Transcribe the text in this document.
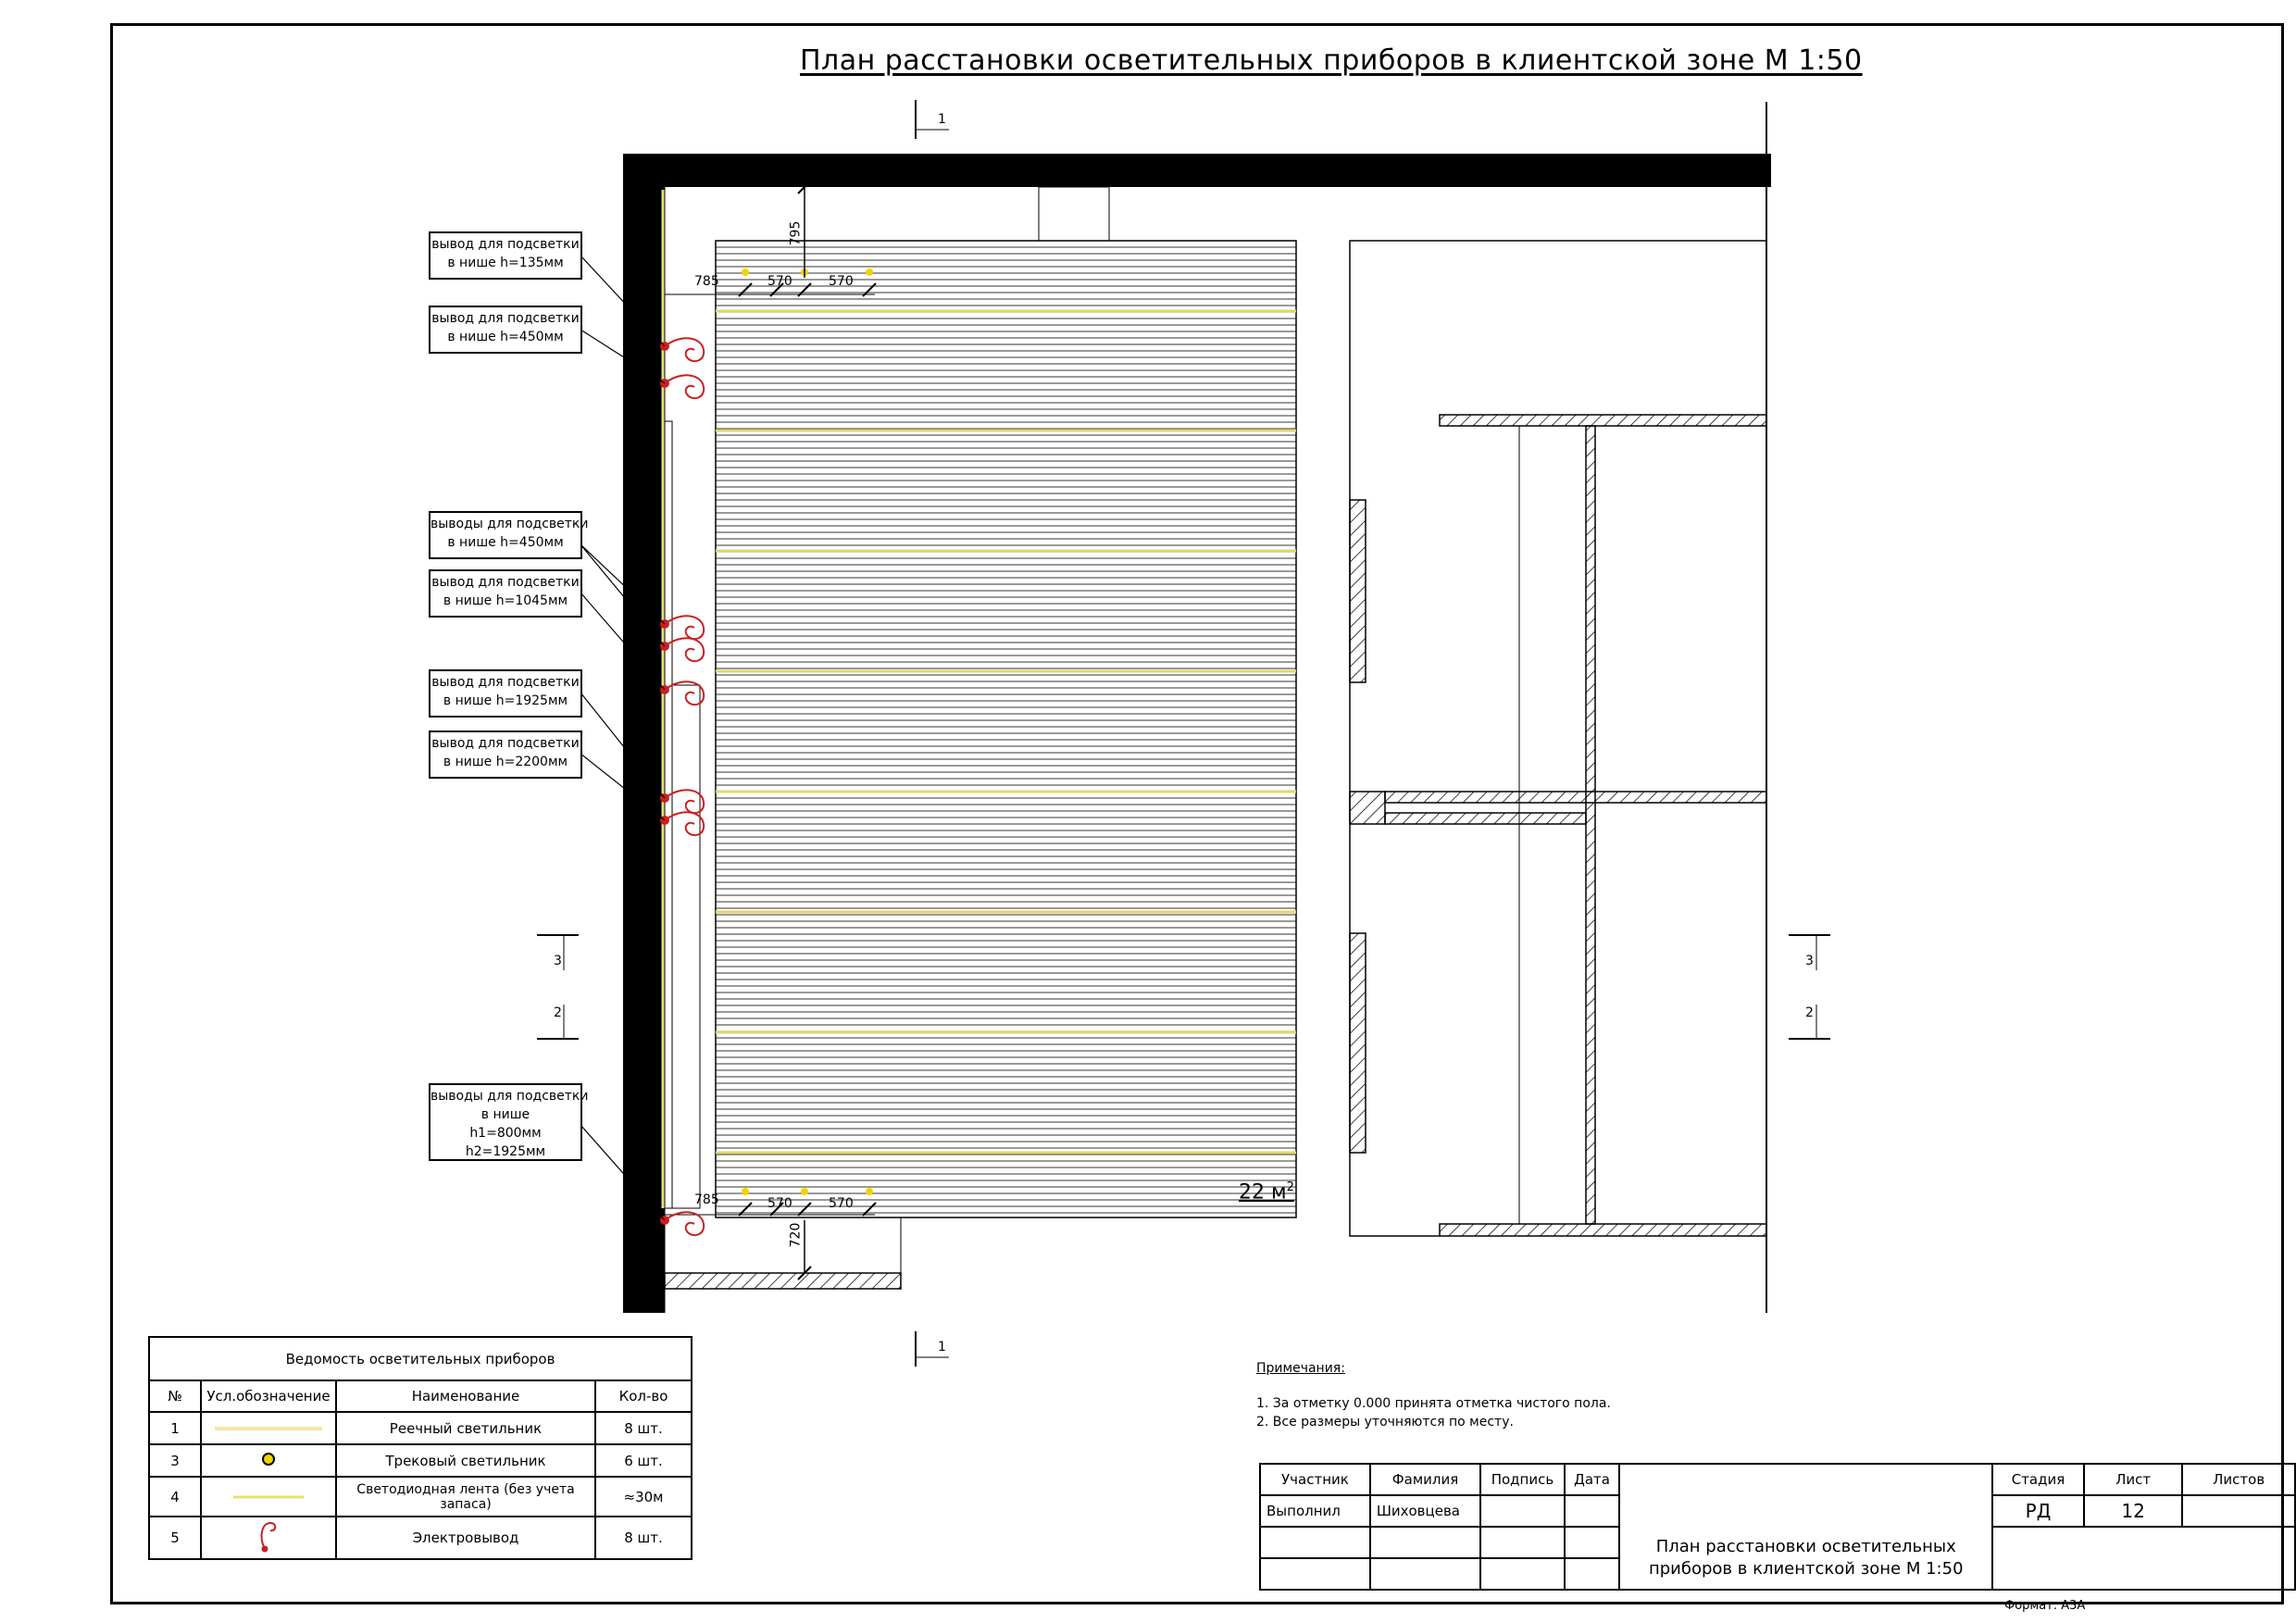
План расстановки осветительных приборов в клиентской зоне М 1:50
785	570	570
795
785	570	570
720
1
1
3
2
3
2
вывод для подсветки
в нише h=135мм
вывод для подсветки
в нише h=450мм
выводы для подсветки
в нише h=450мм
вывод для подсветки
в нише h=1045мм
вывод для подсветки
в нише h=1925мм
вывод для подсветки
в нише h=2200мм
выводы для подсветки
в нише
h1=800мм
h2=1925мм
22 $м^2$
Примечания:
1. За отметку 0.000 принята отметка чистого пола.
2. Все размеры уточняются по месту.
Ведомость осветительных приборов			
№	Усл.обозначение	Наименование	Кол-во
1		Реечный светильник	8 шт.
3		Трековый светильник	6 шт.
4		Светодиодная лента (без учета запаса)	≈30м
5		Электровывод	8 шт.
Участник	Фамилия	Подпись	Дата		Стадия	Лист	Листов
Выполнил	Шиховцева				РД	12	

				План расстановки осветительных
приборов в клиентской зоне М 1:50			

Формат: А3А
